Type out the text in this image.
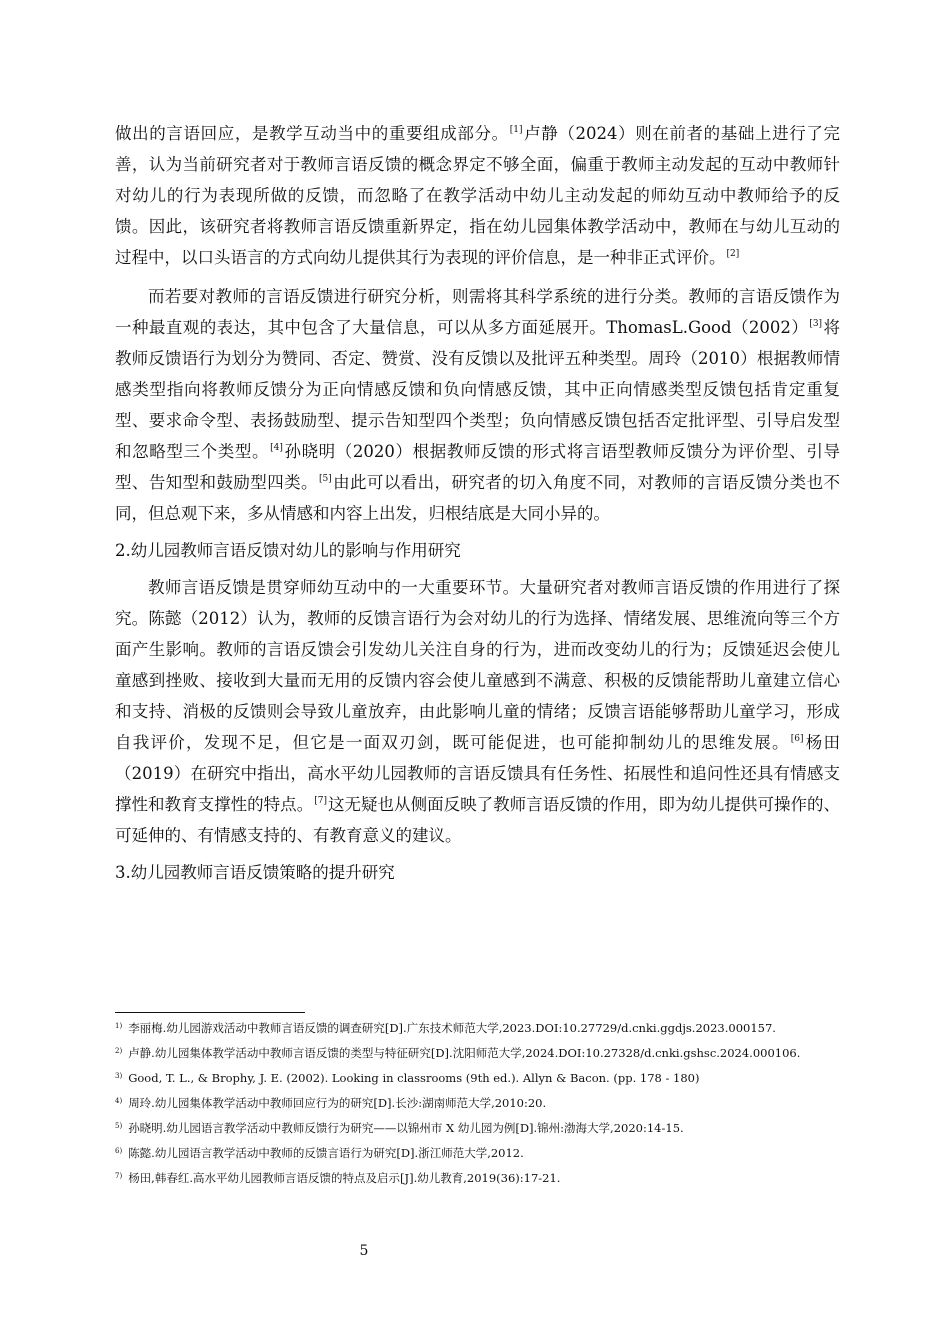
做出的言语回应，是教学互动当中的重要组成部分。[1]卢静（2024）则在前者的基础上进行了完善，认为当前研究者对于教师言语反馈的概念界定不够全面，偏重于教师主动发起的互动中教师针对幼儿的行为表现所做的反馈，而忽略了在教学活动中幼儿主动发起的师幼互动中教师给予的反馈。因此，该研究者将教师言语反馈重新界定，指在幼儿园集体教学活动中，教师在与幼儿互动的过程中，以口头语言的方式向幼儿提供其行为表现的评价信息，是一种非正式评价。[2]

而若要对教师的言语反馈进行研究分析，则需将其科学系统的进行分类。教师的言语反馈作为一种最直观的表达，其中包含了大量信息，可以从多方面延展开。ThomasL.Good（2002）[3]将教师反馈语行为划分为赞同、否定、赞赏、没有反馈以及批评五种类型。周玲（2010）根据教师情感类型指向将教师反馈分为正向情感反馈和负向情感反馈，其中正向情感类型反馈包括肯定重复型、要求命令型、表扬鼓励型、提示告知型四个类型；负向情感反馈包括否定批评型、引导启发型和忽略型三个类型。[4]孙晓明（2020）根据教师反馈的形式将言语型教师反馈分为评价型、引导型、告知型和鼓励型四类。[5]由此可以看出，研究者的切入角度不同，对教师的言语反馈分类也不同，但总观下来，多从情感和内容上出发，归根结底是大同小异的。

2.幼儿园教师言语反馈对幼儿的影响与作用研究

教师言语反馈是贯穿师幼互动中的一大重要环节。大量研究者对教师言语反馈的作用进行了探究。陈懿（2012）认为，教师的反馈言语行为会对幼儿的行为选择、情绪发展、思维流向等三个方面产生影响。教师的言语反馈会引发幼儿关注自身的行为，进而改变幼儿的行为；反馈延迟会使儿童感到挫败、接收到大量而无用的反馈内容会使儿童感到不满意、积极的反馈能帮助儿童建立信心和支持、消极的反馈则会导致儿童放弃，由此影响儿童的情绪；反馈言语能够帮助儿童学习，形成自我评价，发现不足，但它是一面双刃剑，既可能促进，也可能抑制幼儿的思维发展。[6]杨田（2019）在研究中指出，高水平幼儿园教师的言语反馈具有任务性、拓展性和追问性还具有情感支撑性和教育支撑性的特点。[7]这无疑也从侧面反映了教师言语反馈的作用，即为幼儿提供可操作的、可延伸的、有情感支持的、有教育意义的建议。

3.幼儿园教师言语反馈策略的提升研究

$^{1)}$ 李丽梅.幼儿园游戏活动中教师言语反馈的调查研究[D].广东技术师范大学,2023.DOI:10.27729/d.cnki.ggdjs.2023.000157.

$^{2)}$ 卢静.幼儿园集体教学活动中教师言语反馈的类型与特征研究[D].沈阳师范大学,2024.DOI:10.27328/d.cnki.gshsc.2024.000106.

$^{3)}$ Good, T. L., & Brophy, J. E. (2002). Looking in classrooms (9th ed.). Allyn & Bacon. (pp. 178 - 180)

$^{4)}$ 周玲.幼儿园集体教学活动中教师回应行为的研究[D].长沙:湖南师范大学,2010:20.

$^{5)}$ 孙晓明.幼儿园语言教学活动中教师反馈行为研究——以锦州市 X 幼儿园为例[D].锦州:渤海大学,2020:14-15.

$^{6)}$ 陈懿.幼儿园语言教学活动中教师的反馈言语行为研究[D].浙江师范大学,2012.

$^{7)}$ 杨田,韩春红.高水平幼儿园教师言语反馈的特点及启示[J].幼儿教育,2019(36):17-21.

5
